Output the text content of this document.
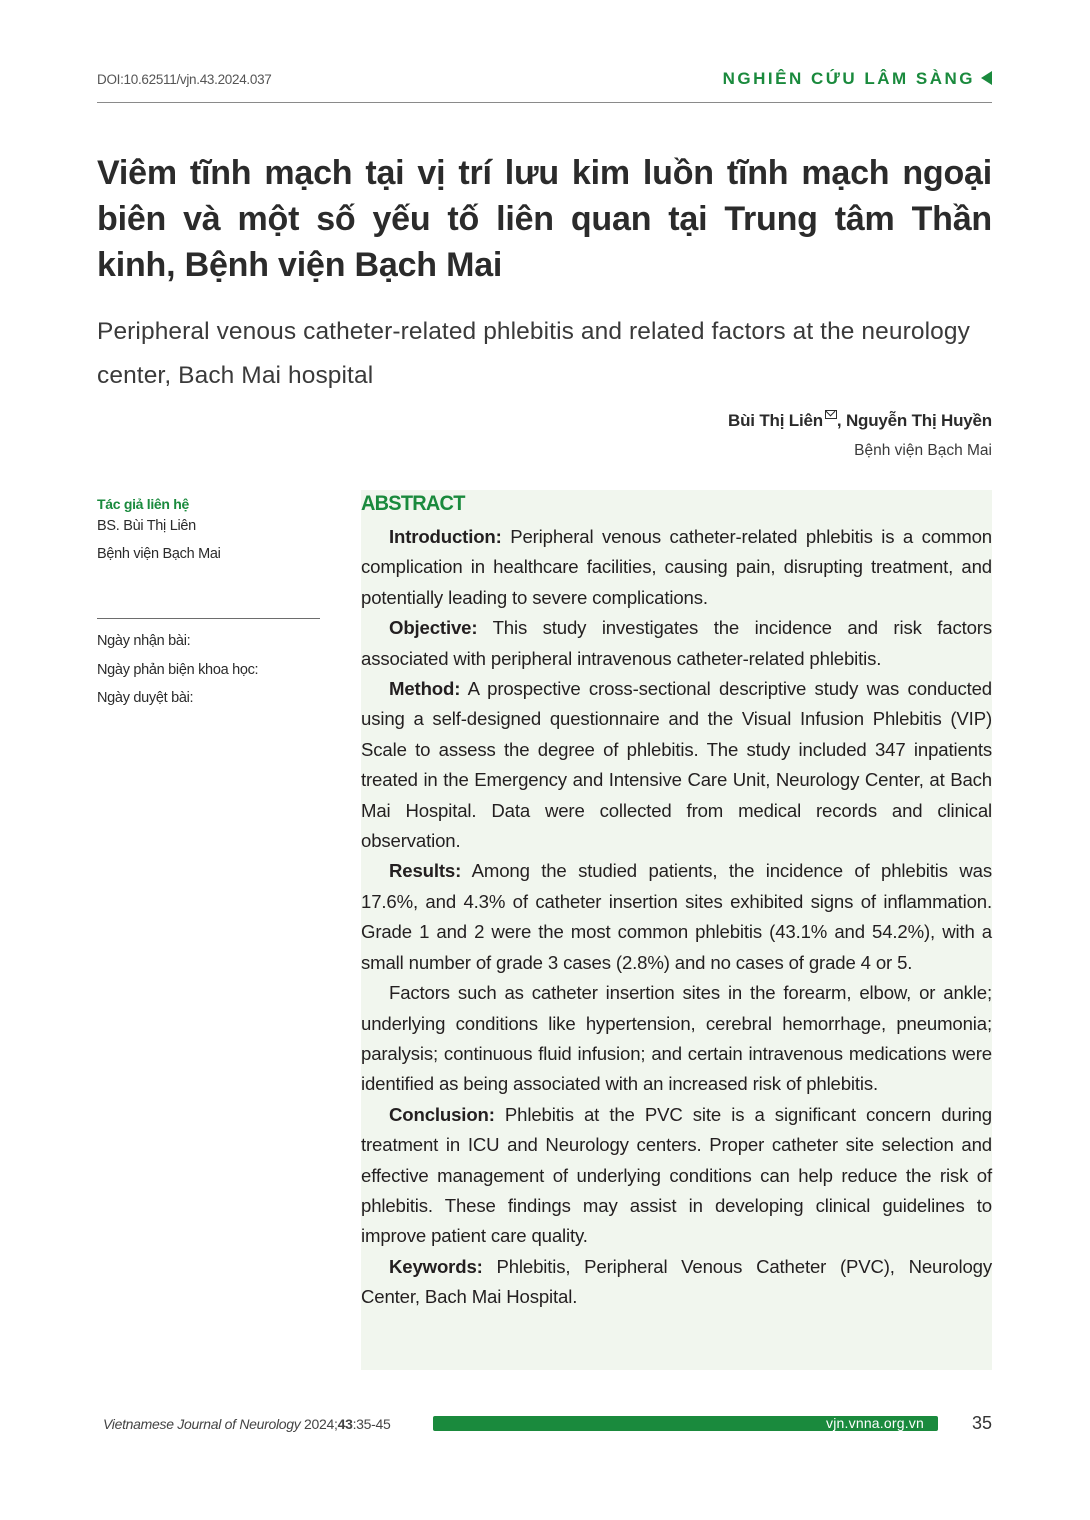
DOI:10.62511/vjn.43.2024.037	NGHIÊN CỨU LÂM SÀNG
Viêm tĩnh mạch tại vị trí lưu kim luồn tĩnh mạch ngoại biên và một số yếu tố liên quan tại Trung tâm Thần kinh, Bệnh viện Bạch Mai
Peripheral venous catheter-related phlebitis and related factors at the neurology center, Bach Mai hospital
Bùi Thị Liên , Nguyễn Thị Huyền
Bệnh viện Bạch Mai
Tác giả liên hệ
BS. Bùi Thị Liên
Bệnh viện Bạch Mai
Ngày nhận bài:
Ngày phản biện khoa học:
Ngày duyệt bài:
ABSTRACT

Introduction: Peripheral venous catheter-related phlebitis is a common complication in healthcare facilities, causing pain, disrupting treatment, and potentially leading to severe complications.

Objective: This study investigates the incidence and risk factors associated with peripheral intravenous catheter-related phlebitis.

Method: A prospective cross-sectional descriptive study was conducted using a self-designed questionnaire and the Visual Infusion Phlebitis (VIP) Scale to assess the degree of phlebitis. The study included 347 inpatients treated in the Emergency and Intensive Care Unit, Neurology Center, at Bach Mai Hospital. Data were collected from medical records and clinical observation.

Results: Among the studied patients, the incidence of phlebitis was 17.6%, and 4.3% of catheter insertion sites exhibited signs of inflammation. Grade 1 and 2 were the most common phlebitis (43.1% and 54.2%), with a small number of grade 3 cases (2.8%) and no cases of grade 4 or 5.

Factors such as catheter insertion sites in the forearm, elbow, or ankle; underlying conditions like hypertension, cerebral hemorrhage, pneumonia; paralysis; continuous fluid infusion; and certain intravenous medications were identified as being associated with an increased risk of phlebitis.

Conclusion: Phlebitis at the PVC site is a significant concern during treatment in ICU and Neurology centers. Proper catheter site selection and effective management of underlying conditions can help reduce the risk of phlebitis. These findings may assist in developing clinical guidelines to improve patient care quality.

Keywords: Phlebitis, Peripheral Venous Catheter (PVC), Neurology Center, Bach Mai Hospital.

Vietnamese Journal of Neurology 2024;43:35-45	vjn.vnna.org.vn	35
